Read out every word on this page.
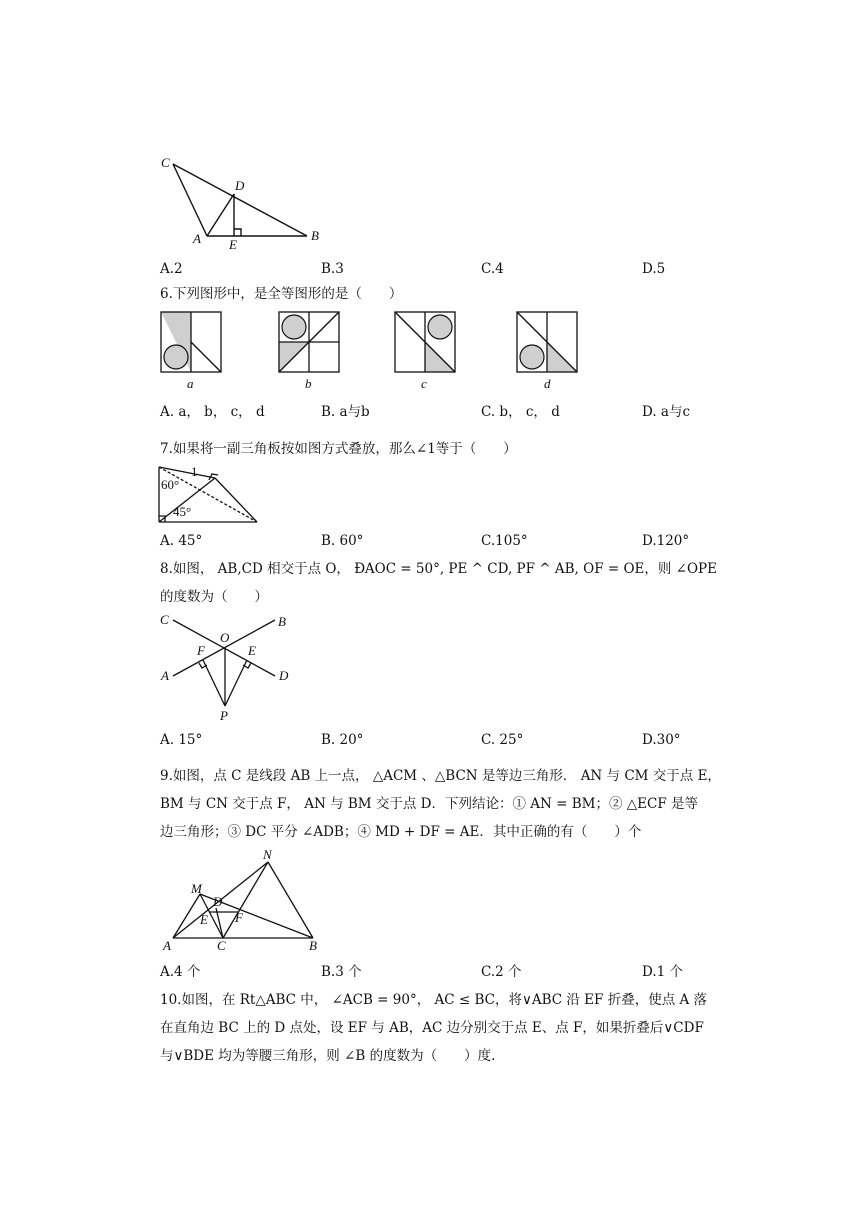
C
D
A E
B
A.2	B.3	C.4	D.5
6.下列图形中，是全等图形的是（　　）
a	b	c	d
A. a， b， c， d	B. a与b	C. b， c， d	D. a与c
7.如果将一副三角板按如图方式叠放，那么∠1等于（　　）
1
60°
45°
A. 45°	B. 60°	C.105°	D.120°
8.如图， AB,CD 相交于点 O， ÐAOC = 50°, PE ^ CD, PF ^ AB, OF = OE，则 ∠OPE
的度数为（　　）
C
O
B
F	E
A	D
P
A. 15°	B. 20°	C. 25°	D.30°
9.如图，点 C 是线段 AB 上一点， △ACM 、△BCN 是等边三角形． AN 与 CM 交于点 E，
BM 与 CN 交于点 F， AN 与 BM 交于点 D．下列结论：① AN = BM；② △ECF 是等
边三角形；③ DC 平分 ∠ADB；④ MD + DF = AE．其中正确的有（　　）个
N
M
D
E F
A	C	B
A.4 个	B.3 个	C.2 个	D.1 个
10.如图，在 Rt△ABC 中， ∠ACB = 90°， AC ≤ BC，将∨ABC 沿 EF 折叠，使点 A 落
在直角边 BC 上的 D 点处，设 EF 与 AB，AC 边分别交于点 E、点 F，如果折叠后∨CDF
与∨BDE 均为等腰三角形，则 ∠B 的度数为（　　）度.
